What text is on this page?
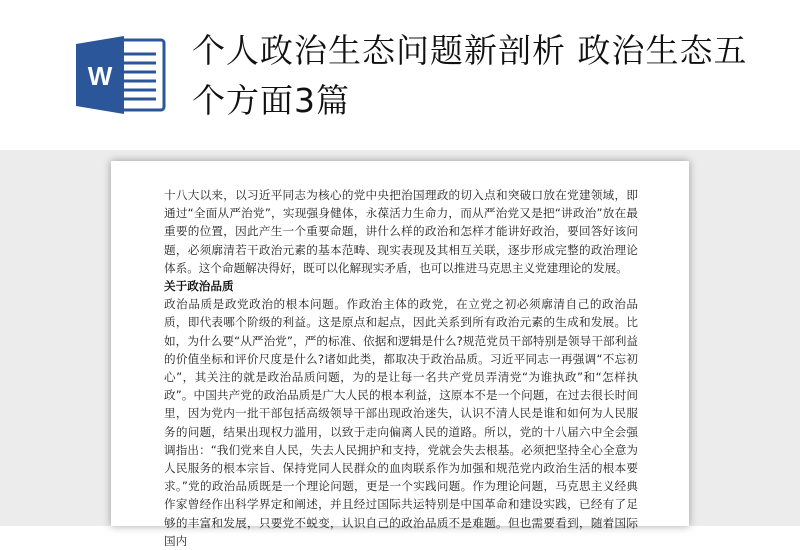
W
个人政治生态问题新剖析 政治生态五个方面3篇

十八大以来，以习近平同志为核心的党中央把治国理政的切入点和突破口放在党建领域，即通过“全面从严治党”，实现强身健体，永葆活力生命力，而从严治党又是把“讲政治”放在最重要的位置，因此产生一个重要命题，讲什么样的政治和怎样才能讲好政治，要回答好该问题，必须廓清若干政治元素的基本范畴、现实表现及其相互关联，逐步形成完整的政治理论体系。这个命题解决得好，既可以化解现实矛盾，也可以推进马克思主义党建理论的发展。

关于政治品质

政治品质是政党政治的根本问题。作政治主体的政党，在立党之初必须廓清自己的政治品质，即代表哪个阶级的利益。这是原点和起点，因此关系到所有政治元素的生成和发展。比如，为什么要“从严治党”，严的标准、依据和逻辑是什么?规范党员干部特别是领导干部利益的价值坐标和评价尺度是什么?诸如此类，都取决于政治品质。习近平同志一再强调“不忘初心”，其关注的就是政治品质问题，为的是让每一名共产党员弄清党“为谁执政”和“怎样执政”。中国共产党的政治品质是广大人民的根本利益，这原本不是一个问题，在过去很长时间里，因为党内一批干部包括高级领导干部出现政治迷失，认识不清人民是谁和如何为人民服务的问题，结果出现权力滥用，以致于走向偏离人民的道路。所以，党的十八届六中全会强调指出：“我们党来自人民，失去人民拥护和支持，党就会失去根基。必须把坚持全心全意为人民服务的根本宗旨、保持党同人民群众的血肉联系作为加强和规范党内政治生活的根本要求。”党的政治品质既是一个理论问题，更是一个实践问题。作为理论问题，马克思主义经典作家曾经作出科学界定和阐述，并且经过国际共运特别是中国革命和建设实践，已经有了足够的丰富和发展，只要党不蜕变，认识自己的政治品质不是难题。但也需要看到，随着国际国内
